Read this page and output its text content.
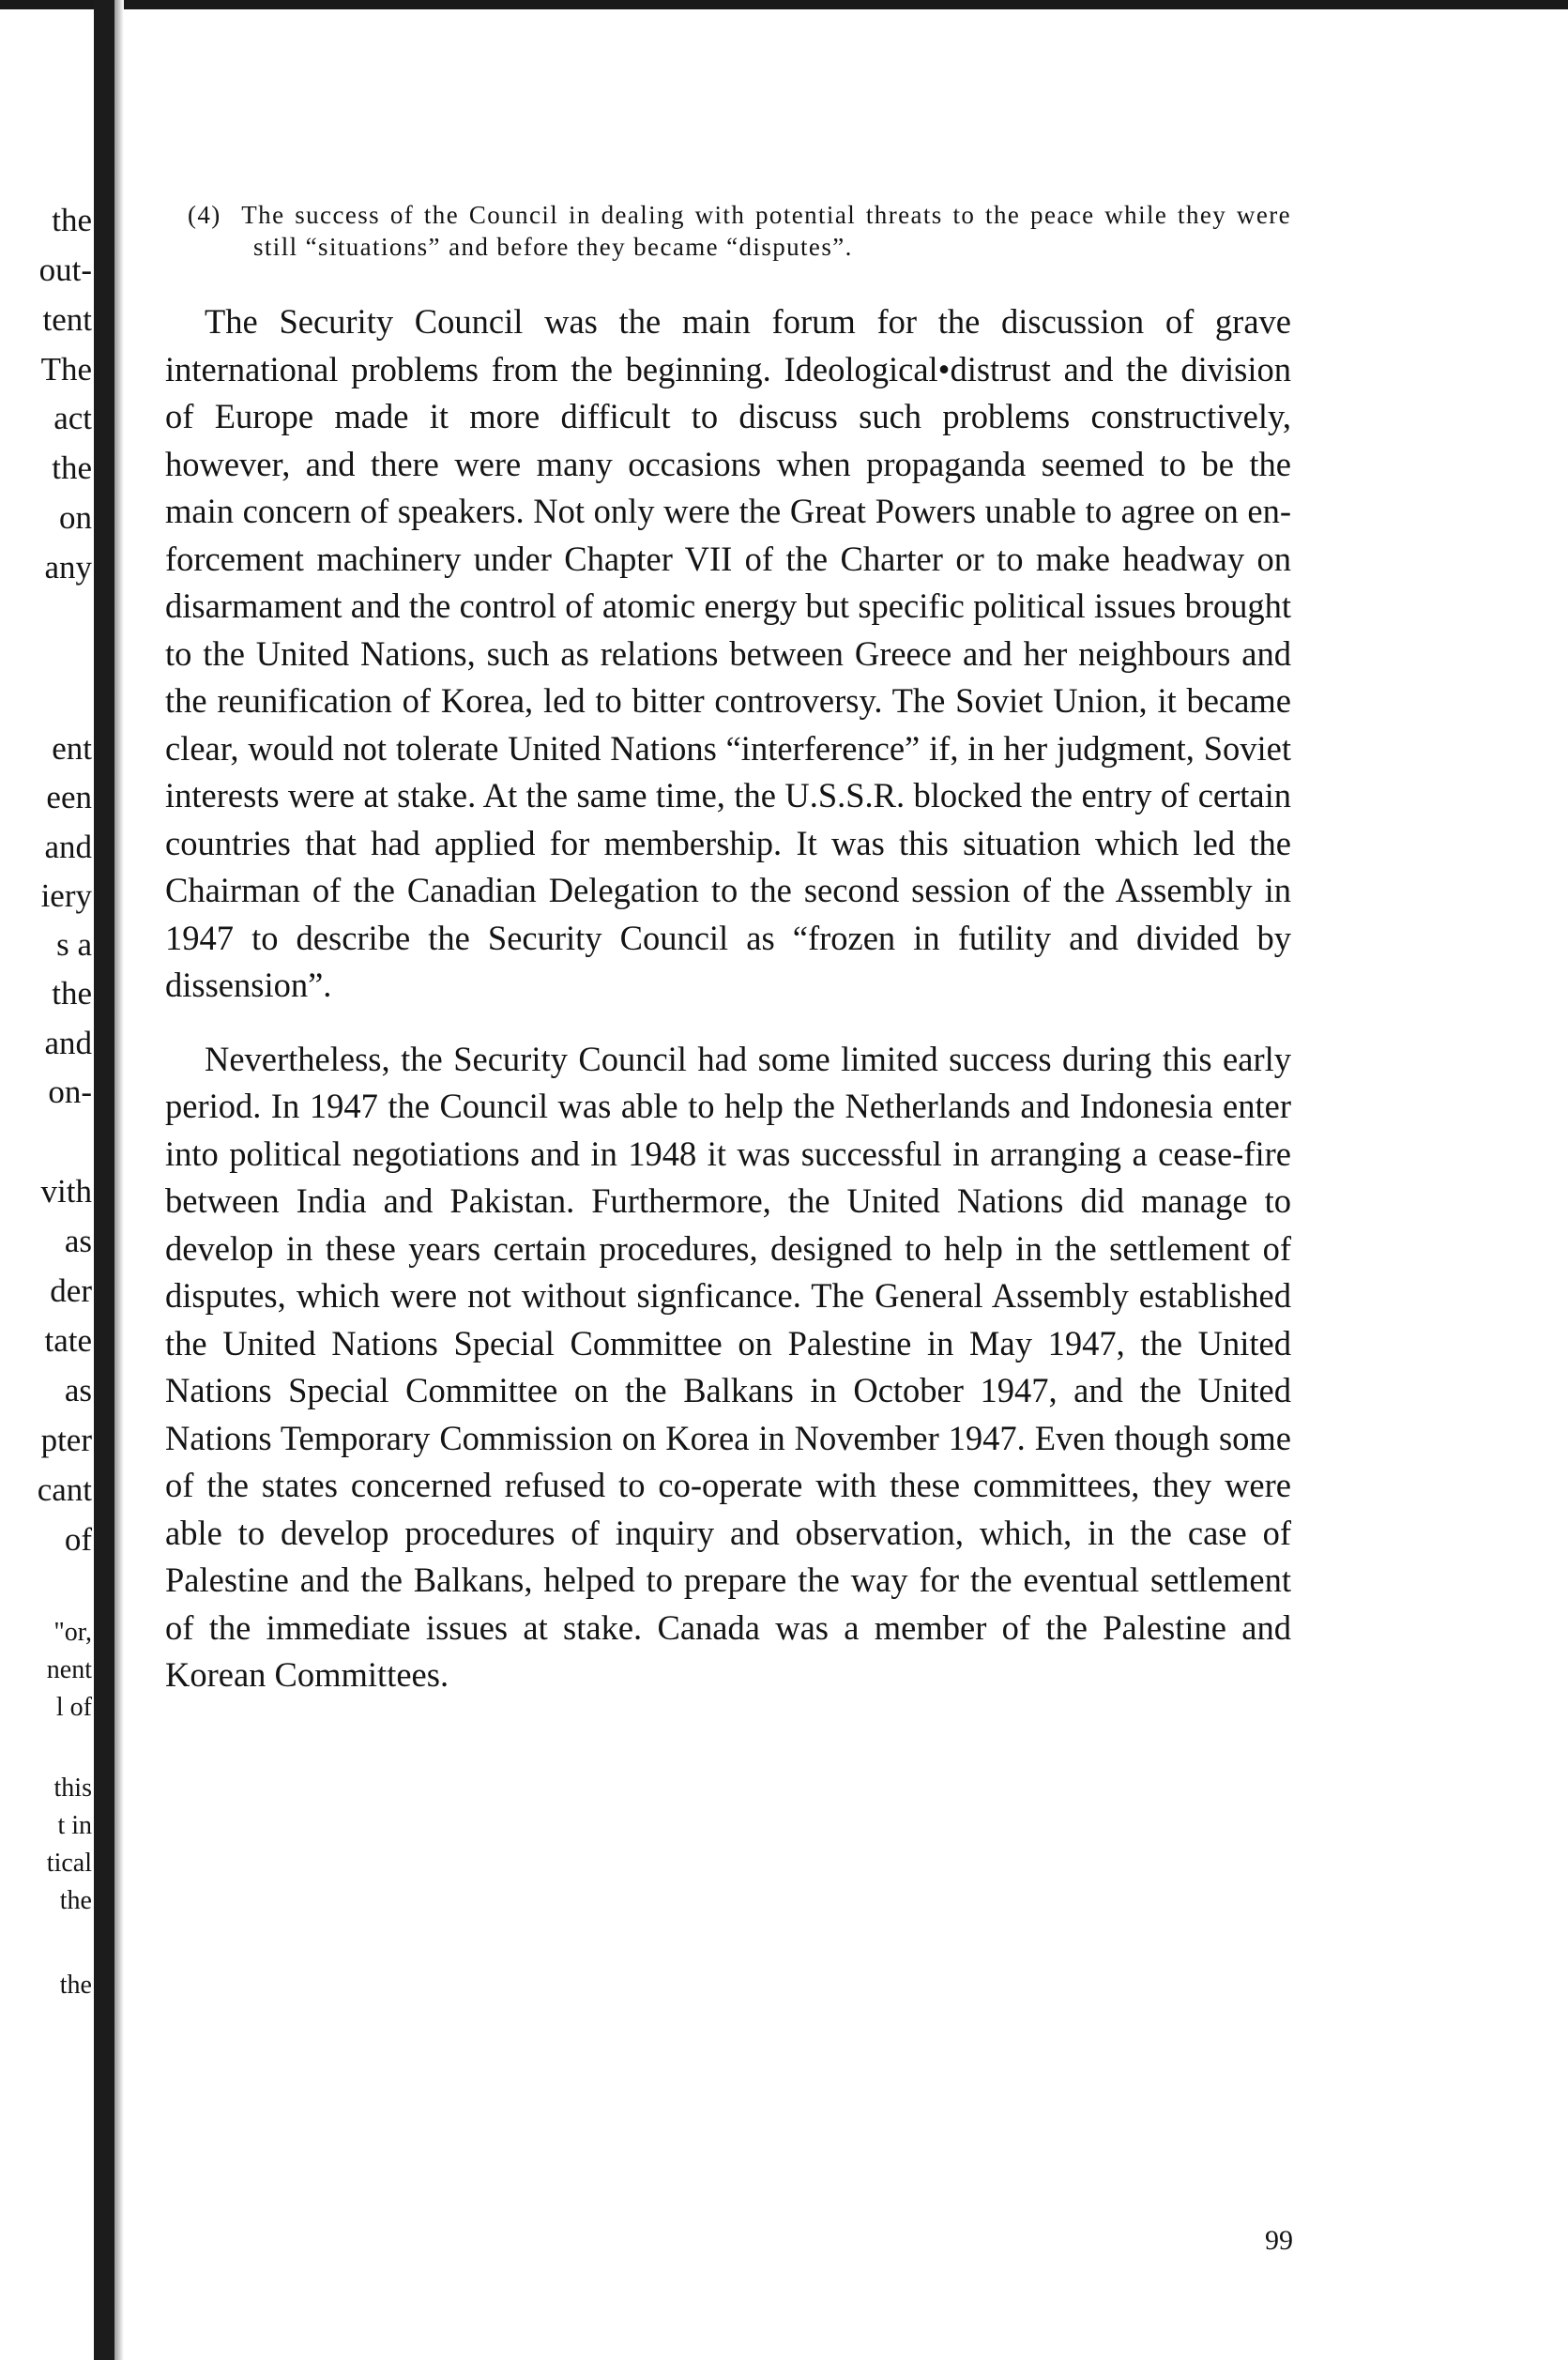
the
out-
tent
The
act
the
on
any
ent
een
and
iery
s a
the
and
on-
vith
as
der
tate
as
pter
cant
of
"or,
nent
l of
this
t in
tical
the
the

(4) The success of the Council in dealing with potential threats to the peace while they were still “situations” and before they became “disputes”.

The Security Council was the main forum for the discussion of grave international problems from the beginning. Ideological•distrust and the division of Europe made it more difficult to discuss such problems constructively, however, and there were many occasions when propaganda seemed to be the main concern of speakers. Not only were the Great Powers unable to agree on enforcement machinery under Chapter VII of the Charter or to make headway on disarmament and the control of atomic energy but specific political issues brought to the United Nations, such as relations between Greece and her neighbours and the reunification of Korea, led to bitter controversy. The Soviet Union, it became clear, would not tolerate United Nations “interference” if, in her judgment, Soviet interests were at stake. At the same time, the U.S.S.R. blocked the entry of certain countries that had applied for membership. It was this situation which led the Chairman of the Canadian Delegation to the second session of the Assembly in 1947 to describe the Security Council as “frozen in futility and divided by dissension”.

Nevertheless, the Security Council had some limited success during this early period. In 1947 the Council was able to help the Netherlands and Indonesia enter into political negotiations and in 1948 it was successful in arranging a cease-fire between India and Pakistan. Furthermore, the United Nations did manage to develop in these years certain procedures, designed to help in the settlement of disputes, which were not without signficance. The General Assembly established the United Nations Special Committee on Palestine in May 1947, the United Nations Special Committee on the Balkans in October 1947, and the United Nations Temporary Commission on Korea in November 1947. Even though some of the states concerned refused to co-operate with these committees, they were able to develop procedures of inquiry and observation, which, in the case of Palestine and the Balkans, helped to prepare the way for the eventual settlement of the immediate issues at stake. Canada was a member of the Palestine and Korean Committees.

99
